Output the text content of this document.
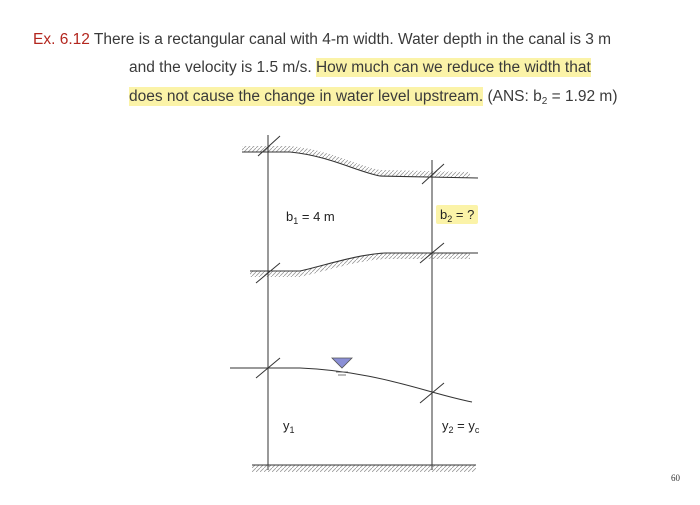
Ex. 6.12 There is a rectangular canal with 4-m width. Water depth in the canal is 3 m
and the velocity is 1.5 m/s. How much can we reduce the width that
does not cause the change in water level upstream. (ANS: $b_2 = 1.92$ m)
$b_1 = 4$ m	$b_2$ = ?
$y_1$	$y_2 = y_c$
60
